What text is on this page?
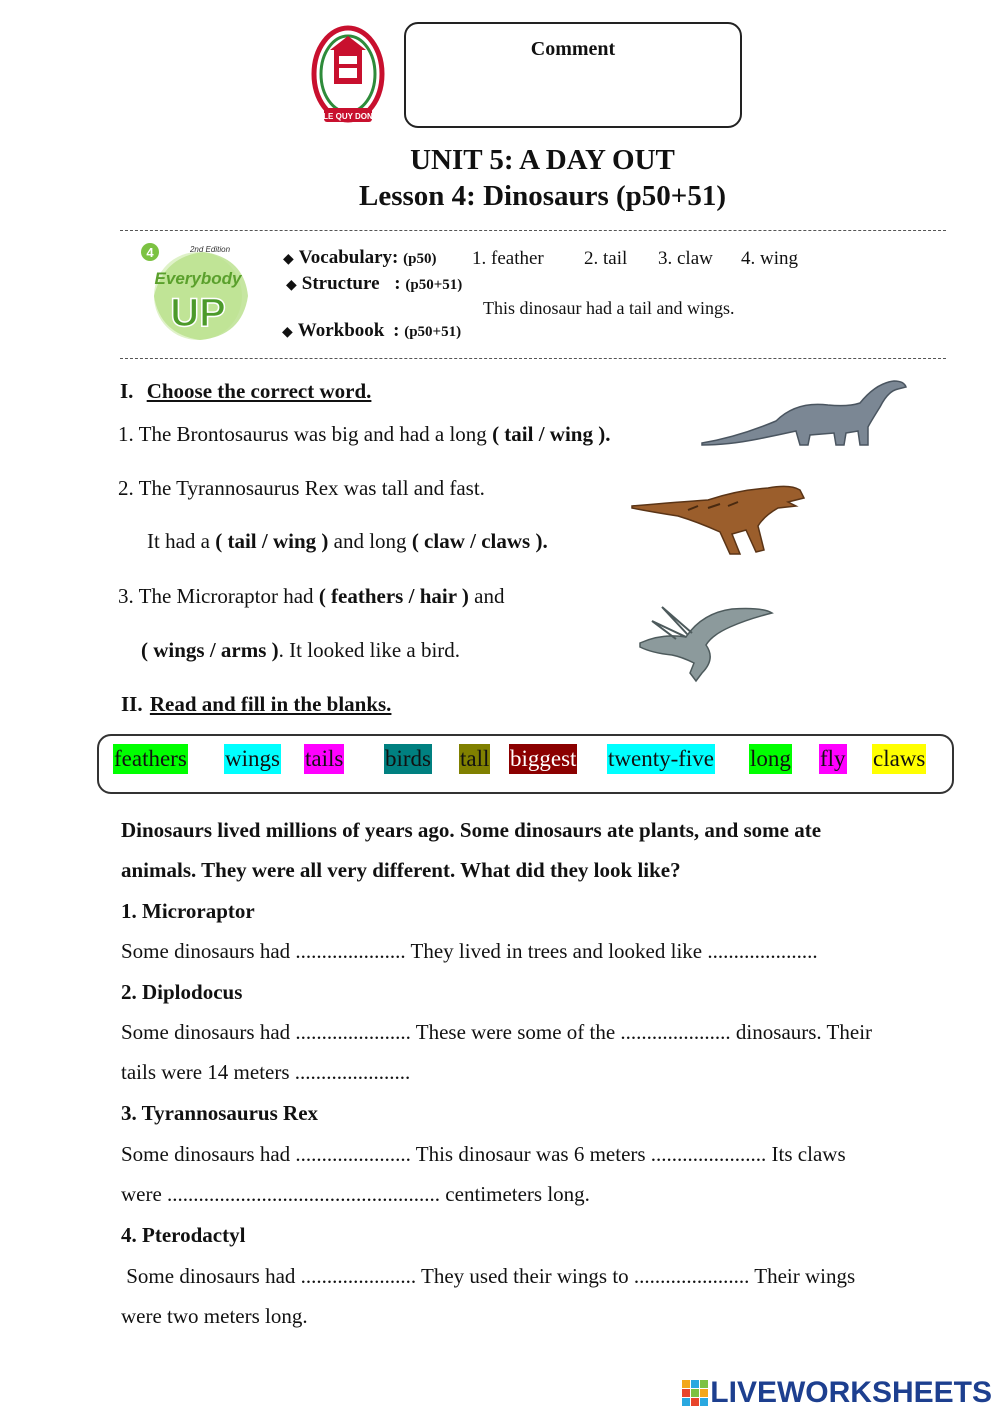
LE QUY DON
Comment
UNIT 5: A DAY OUT
Lesson 4: Dinosaurs (p50+51)
4	2nd Edition
Everybody
UP
◆ Vocabulary: (p50) 1. feather 2. tail 3. claw 4. wing
◆ Structure : (p50+51)
This dinosaur had a tail and wings.
◆ Workbook : (p50+51)
I. Choose the correct word.
1. The Brontosaurus was big and had a long ( tail / wing ).
2. The Tyrannosaurus Rex was tall and fast.
It had a ( tail / wing ) and long ( claw / claws ).
3. The Microraptor had ( feathers / hair ) and
( wings / arms ). It looked like a bird.
II. Read and fill in the blanks.
feathers wings tails birds tall biggest twenty-five long fly claws
Dinosaurs lived millions of years ago. Some dinosaurs ate plants, and some ate
animals. They were all very different. What did they look like?
1. Microraptor
Some dinosaurs had ..................... They lived in trees and looked like .....................
2. Diplodocus
Some dinosaurs had ...................... These were some of the ..................... dinosaurs. Their
tails were 14 meters ......................
3. Tyrannosaurus Rex
Some dinosaurs had ...................... This dinosaur was 6 meters ...................... Its claws
were .................................................... centimeters long.
4. Pterodactyl
Some dinosaurs had ...................... They used their wings to ...................... Their wings
were two meters long.
LIVEWORKSHEETS
